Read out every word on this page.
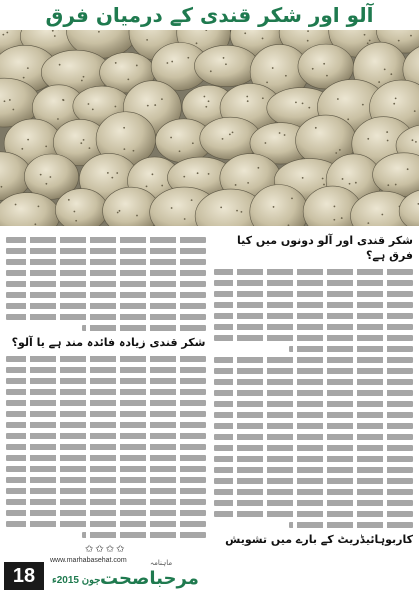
آلو اور شکر قندی کے درمیان فرق
شکر قندی اور آلو دونوں میں کیا فرق ہے؟
کاربوہائیڈریٹ کے بارے میں تشویش
شکر قندی زیادہ فائدہ مند ہے یا آلو؟
✩✩✩✩
18
www.marhabasehat.com
جون 2015ء
ماہنامہ
مرحباصحت
